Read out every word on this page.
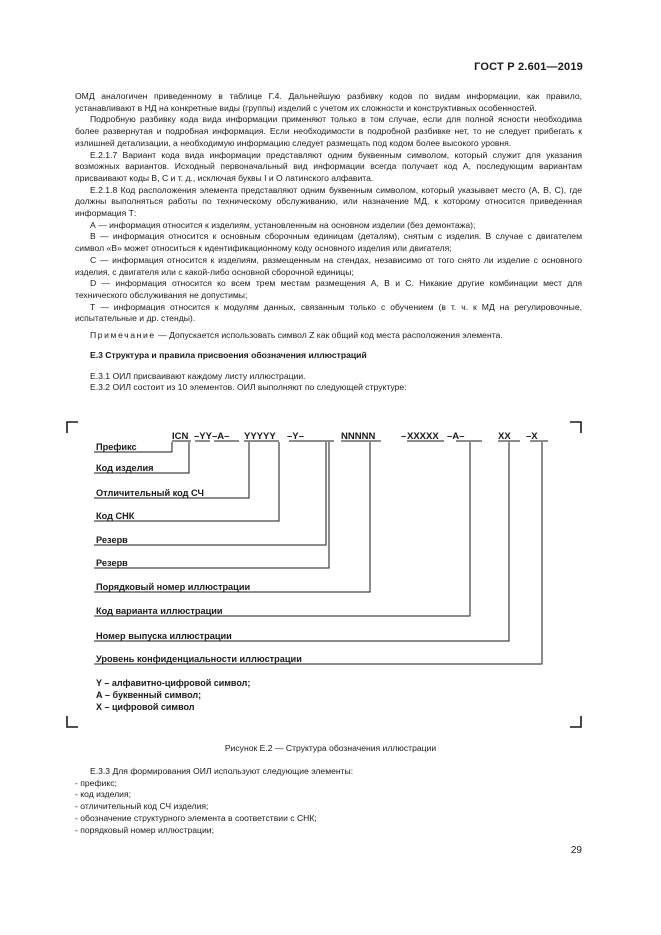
ГОСТ Р 2.601—2019

ОМД аналогичен приведенному в таблице Г.4. Дальнейшую разбивку кодов по видам информации, как правило, устанавливают в НД на конкретные виды (группы) изделий с учетом их сложности и конструктивных особенностей.

Подробную разбивку кода вида информации применяют только в том случае, если для полной ясности необходима более развернутая и подробная информация. Если необходимости в подробной разбивке нет, то не следует прибегать к излишней детализации, а необходимую информацию следует размещать под кодом более высокого уровня.

Е.2.1.7 Вариант кода вида информации представляют одним буквенным символом, который служит для указания возможных вариантов. Исходный первоначальный вид информации всегда получает код А, последующим вариантам присваивают коды В, С и т. д., исключая буквы I и О латинского алфавита.

Е.2.1.8 Код расположения элемента представляют одним буквенным символом, который указывает место (А, В, С), где должны выполняться работы по техническому обслуживанию, или назначение МД, к которому относится приведенная информация Т:

А — информация относится к изделиям, установленным на основном изделии (без демонтажа);

В — информация относится к основным сборочным единицам (деталям), снятым с изделия. В случае с двигателем символ «В» может относиться к идентификационному коду основного изделия или двигателя;

С — информация относится к изделиям, размещенным на стендах, независимо от того снято ли изделие с основного изделия, с двигателя или с какой-либо основной сборочной единицы;

D — информация относится ко всем трем местам размещения А, В и С. Никакие другие комбинации мест для технического обслуживания не допустимы;

Т — информация относится к модулям данных, связанным только с обучением (в т. ч. к МД на регулировочные, испытательные и др. стенды).

Примечание — Допускается использовать символ Z как общий код места расположения элемента.

Е.3 Структура и правила присвоения обозначения иллюстраций

Е.3.1 ОИЛ присваивают каждому листу иллюстрации.

Е.3.2 ОИЛ состоит из 10 элементов. ОИЛ выполняют по следующей структуре:

ICN –YY–A– YYYYY –Y–	NNNNN	– XXXXX –A–	XX –X
Префикс
Код изделия
Отличительный код СЧ
Код СНК
Резерв
Резерв
Порядковый номер иллюстрации
Код варианта иллюстрации
Номер выпуска иллюстрации
Уровень конфиденциальности иллюстрации
Y – алфавитно-цифровой символ;
А – буквенный символ;
Х – цифровой символ
Рисунок Е.2 — Структура обозначения иллюстрации

Е.3.3 Для формирования ОИЛ используют следующие элементы:

- префикс;

- код изделия;

- отличительный код СЧ изделия;

- обозначение структурного элемента в соответствии с СНК;

- порядковый номер иллюстрации;

29
